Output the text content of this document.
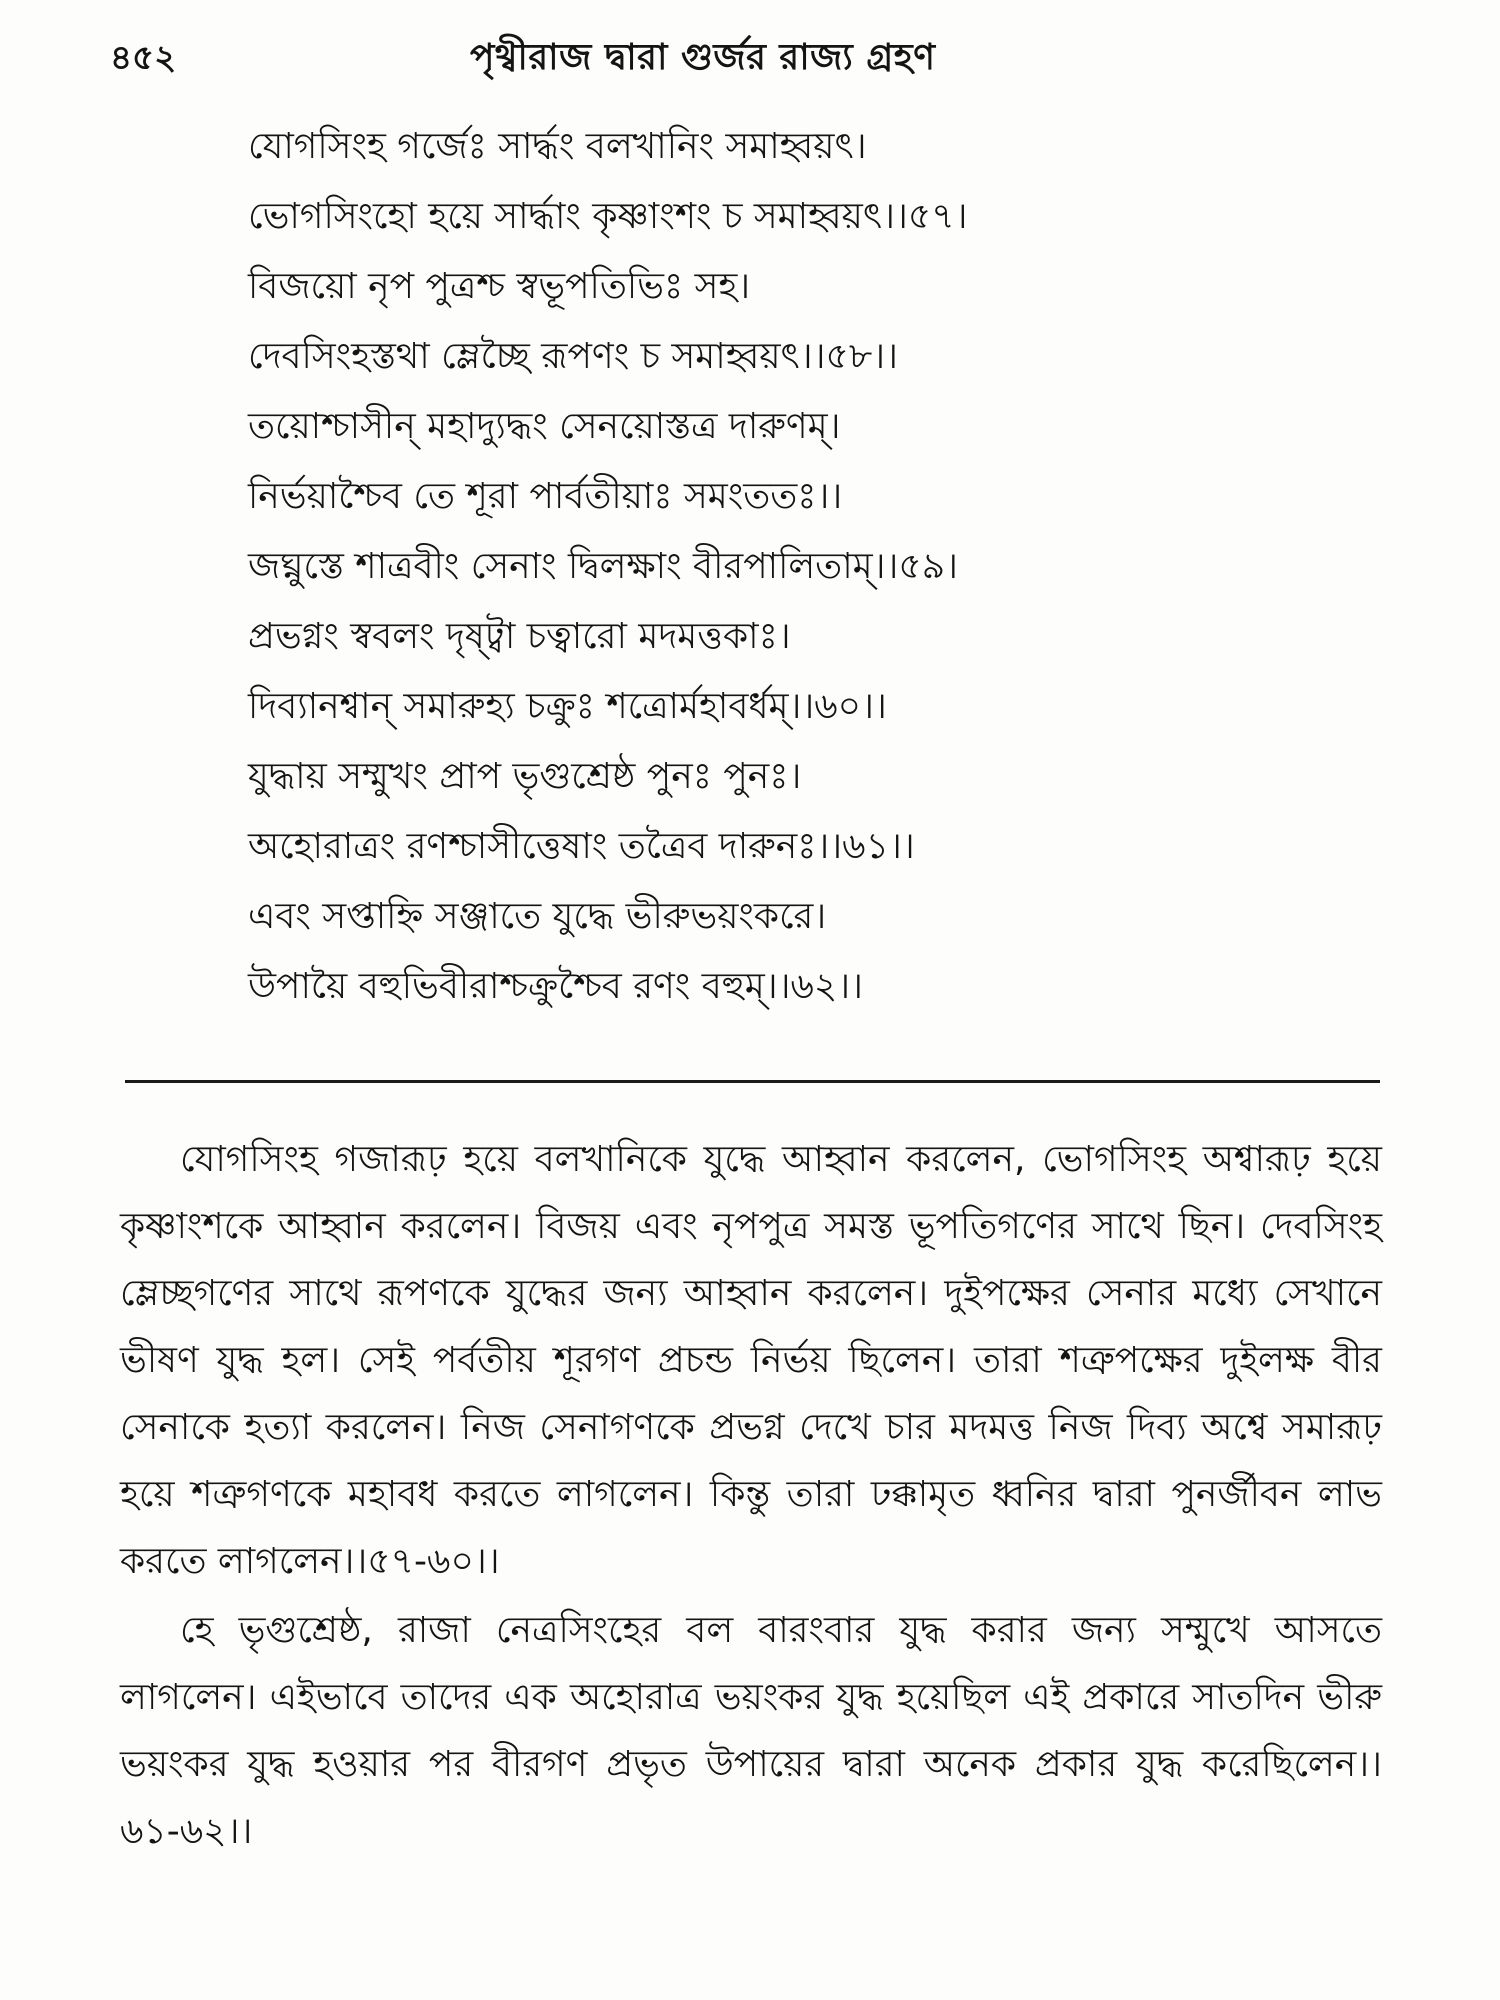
৪৫২	পৃথ্বীরাজ দ্বারা গুর্জর রাজ্য গ্রহণ
যোগসিংহ গর্জেঃ সার্দ্ধং বলখানিং সমাহ্বয়ৎ।
ভোগসিংহো হয়ে সার্দ্ধাং কৃষ্ণাংশং চ সমাহ্বয়ৎ।।৫৭।
বিজয়ো নৃপ পুত্রশ্চ স্বভূপতিভিঃ সহ।
দেবসিংহস্তথা ম্লেচ্ছৈ রূপণং চ সমাহ্বয়ৎ।।৫৮।।
তয়োশ্চাসীন্ মহাদ্যুদ্ধং সেনয়োস্তত্র দারুণম্।
নির্ভয়াশ্চৈব তে শূরা পার্বতীয়াঃ সমংততঃ।।
জঘ্নুস্তে শাত্রবীং সেনাং দ্বিলক্ষাং বীরপালিতাম্।।৫৯।
প্রভগ্নং স্ববলং দৃষ্ট্বা চত্বারো মদমত্তকাঃ।
দিব্যানশ্বান্ সমারুহ্য চক্রুঃ শত্রোর্মহাবর্ধম্।।৬০।।
যুদ্ধায় সম্মুখং প্রাপ ভৃগুশ্রেষ্ঠ পুনঃ পুনঃ।
অহোরাত্রং রণশ্চাসীত্তেষাং তত্রৈব দারুনঃ।।৬১।।
এবং সপ্তাহ্নি সঞ্জাতে যুদ্ধে ভীরুভয়ংকরে।
উপায়ৈ বহুভিবীরাশ্চক্রুশ্চৈব রণং বহুম্।।৬২।।

যোগসিংহ গজারূঢ় হয়ে বলখানিকে যুদ্ধে আহ্বান করলেন, ভোগসিংহ অশ্বারূঢ় হয়ে কৃষ্ণাংশকে আহ্বান করলেন। বিজয় এবং নৃপপুত্র সমস্ত ভূপতিগণের সাথে ছিন। দেবসিংহ ম্লেচ্ছগণের সাথে রূপণকে যুদ্ধের জন্য আহ্বান করলেন। দুইপক্ষের সেনার মধ্যে সেখানে ভীষণ যুদ্ধ হল। সেই পর্বতীয় শূরগণ প্রচন্ড নির্ভয় ছিলেন। তারা শত্রুপক্ষের দুইলক্ষ বীর সেনাকে হত্যা করলেন। নিজ সেনাগণকে প্রভগ্ন দেখে চার মদমত্ত নিজ দিব্য অশ্বে সমারূঢ় হয়ে শত্রুগণকে মহাবধ করতে লাগলেন। কিন্তু তারা ঢক্কামৃত ধ্বনির দ্বারা পুনর্জীবন লাভ করতে লাগলেন।।৫৭-৬০।।

হে ভৃগুশ্রেষ্ঠ, রাজা নেত্রসিংহের বল বারংবার যুদ্ধ করার জন্য সম্মুখে আসতে লাগলেন। এইভাবে তাদের এক অহোরাত্র ভয়ংকর যুদ্ধ হয়েছিল এই প্রকারে সাতদিন ভীরু ভয়ংকর যুদ্ধ হওয়ার পর বীরগণ প্রভৃত উপায়ের দ্বারা অনেক প্রকার যুদ্ধ করেছিলেন।।৬১-৬২।।
